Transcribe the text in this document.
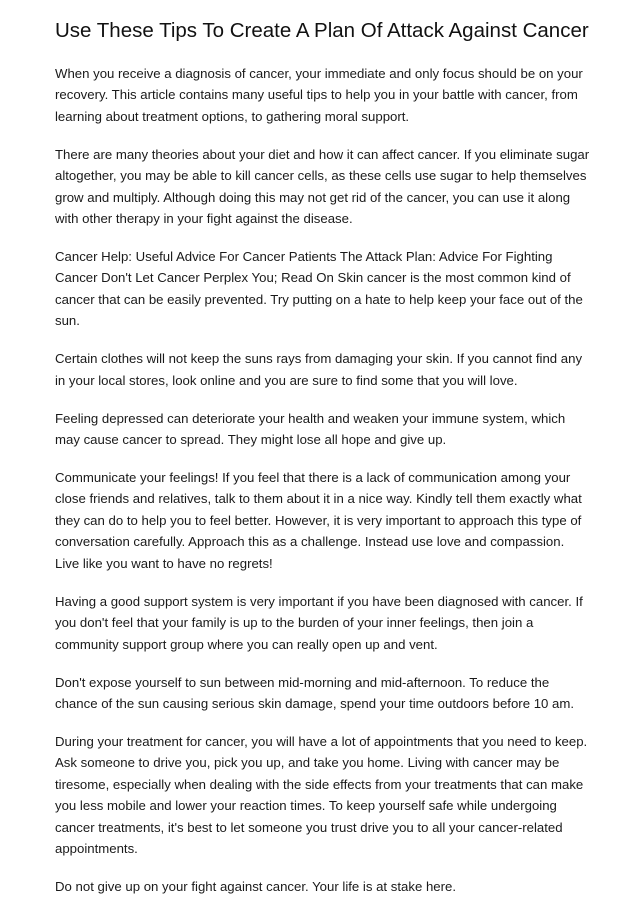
Use These Tips To Create A Plan Of Attack Against Cancer

When you receive a diagnosis of cancer, your immediate and only focus should be on your recovery. This article contains many useful tips to help you in your battle with cancer, from learning about treatment options, to gathering moral support.

There are many theories about your diet and how it can affect cancer. If you eliminate sugar altogether, you may be able to kill cancer cells, as these cells use sugar to help themselves grow and multiply. Although doing this may not get rid of the cancer, you can use it along with other therapy in your fight against the disease.

Cancer Help: Useful Advice For Cancer Patients The Attack Plan: Advice For Fighting Cancer Don't Let Cancer Perplex You; Read On Skin cancer is the most common kind of cancer that can be easily prevented. Try putting on a hate to help keep your face out of the sun.

Certain clothes will not keep the suns rays from damaging your skin. If you cannot find any in your local stores, look online and you are sure to find some that you will love.

Feeling depressed can deteriorate your health and weaken your immune system, which may cause cancer to spread. They might lose all hope and give up.

Communicate your feelings! If you feel that there is a lack of communication among your close friends and relatives, talk to them about it in a nice way. Kindly tell them exactly what they can do to help you to feel better. However, it is very important to approach this type of conversation carefully. Approach this as a challenge. Instead use love and compassion. Live like you want to have no regrets!

Having a good support system is very important if you have been diagnosed with cancer. If you don't feel that your family is up to the burden of your inner feelings, then join a community support group where you can really open up and vent.

Don't expose yourself to sun between mid-morning and mid-afternoon. To reduce the chance of the sun causing serious skin damage, spend your time outdoors before 10 am.

During your treatment for cancer, you will have a lot of appointments that you need to keep. Ask someone to drive you, pick you up, and take you home. Living with cancer may be tiresome, especially when dealing with the side effects from your treatments that can make you less mobile and lower your reaction times. To keep yourself safe while undergoing cancer treatments, it's best to let someone you trust drive you to all your cancer-related appointments.

Do not give up on your fight against cancer. Your life is at stake here.
